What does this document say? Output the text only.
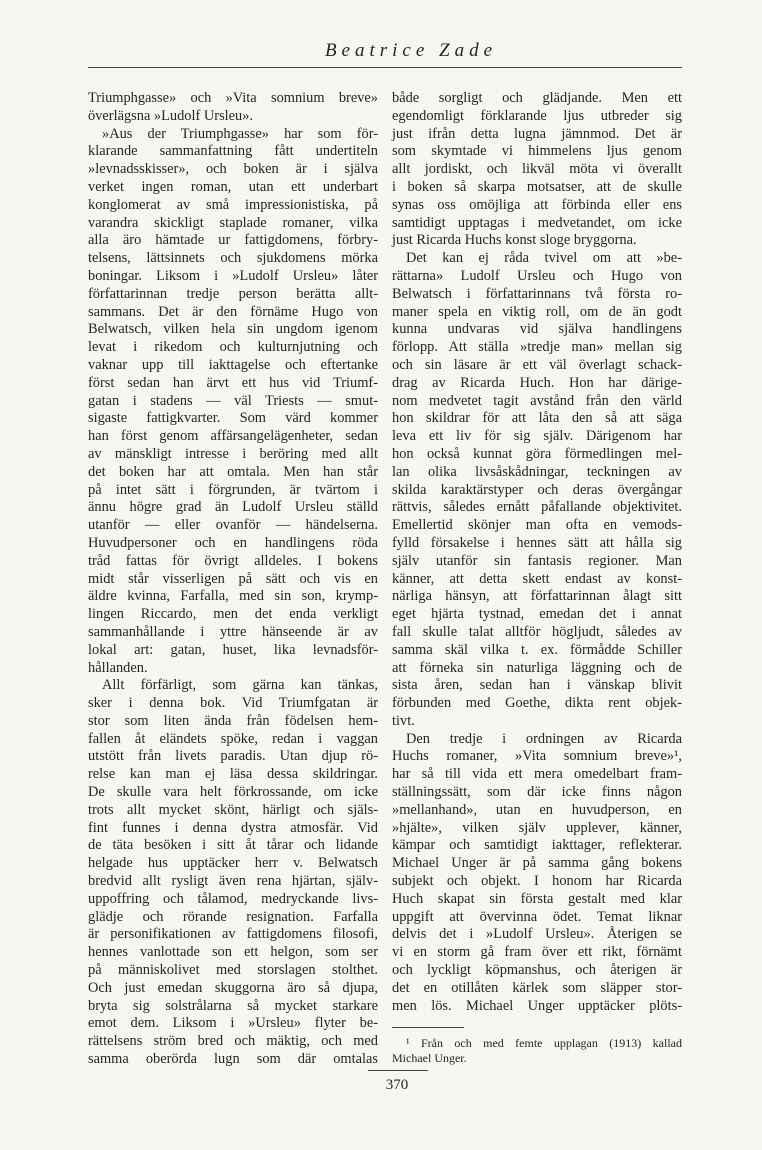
Beatrice Zade
Triumphgasse» och »Vita somnium breve»
överlägsna »Ludolf Ursleu».
»Aus der Triumphgasse» har som för-
klarande sammanfattning fått undertiteln
»levnadsskisser», och boken är i själva
verket ingen roman, utan ett underbart
konglomerat av små impressionistiska, på
varandra skickligt staplade romaner, vilka
alla äro hämtade ur fattigdomens, förbry-
telsens, lättsinnets och sjukdomens mörka
boningar. Liksom i »Ludolf Ursleu» låter
författarinnan tredje person berätta allt-
sammans. Det är den förnäme Hugo von
Belwatsch, vilken hela sin ungdom igenom
levat i rikedom och kulturnjutning och
vaknar upp till iakttagelse och eftertanke
först sedan han ärvt ett hus vid Triumf-
gatan i stadens — väl Triests — smut-
sigaste fattigkvarter. Som värd kommer
han först genom affärsangelägenheter, sedan
av mänskligt intresse i beröring med allt
det boken har att omtala. Men han står
på intet sätt i förgrunden, är tvärtom i
ännu högre grad än Ludolf Ursleu ställd
utanför — eller ovanför — händelserna.
Huvudpersoner och en handlingens röda
tråd fattas för övrigt alldeles. I bokens
midt står visserligen på sätt och vis en
äldre kvinna, Farfalla, med sin son, krymp-
lingen Riccardo, men det enda verkligt
sammanhållande i yttre hänseende är av
lokal art: gatan, huset, lika levnadsför-
hållanden.
Allt förfärligt, som gärna kan tänkas,
sker i denna bok. Vid Triumfgatan är
stor som liten ända från födelsen hem-
fallen åt eländets spöke, redan i vaggan
utstött från livets paradis. Utan djup rö-
relse kan man ej läsa dessa skildringar.
De skulle vara helt förkrossande, om icke
trots allt mycket skönt, härligt och själs-
fint funnes i denna dystra atmosfär. Vid
de täta besöken i sitt åt tårar och lidande
helgade hus upptäcker herr v. Belwatsch
bredvid allt rysligt även rena hjärtan, själv-
uppoffring och tålamod, medryckande livs-
glädje och rörande resignation. Farfalla
är personifikationen av fattigdomens filosofi,
hennes vanlottade son ett helgon, som ser
på människolivet med storslagen stolthet.
Och just emedan skuggorna äro så djupa,
bryta sig solstrålarna så mycket starkare
emot dem. Liksom i »Ursleu» flyter be-
rättelsens ström bred och mäktig, och med
samma oberörda lugn som där omtalas
både sorgligt och glädjande. Men ett
egendomligt förklarande ljus utbreder sig
just ifrån detta lugna jämnmod. Det är
som skymtade vi himmelens ljus genom
allt jordiskt, och likväl möta vi överallt
i boken så skarpa motsatser, att de skulle
synas oss omöjliga att förbinda eller ens
samtidigt upptagas i medvetandet, om icke
just Ricarda Huchs konst sloge bryggorna.
Det kan ej råda tvivel om att »be-
rättarna» Ludolf Ursleu och Hugo von
Belwatsch i författarinnans två första ro-
maner spela en viktig roll, om de än godt
kunna undvaras vid själva handlingens
förlopp. Att ställa »tredje man» mellan sig
och sin läsare är ett väl överlagt schack-
drag av Ricarda Huch. Hon har därige-
nom medvetet tagit avstånd från den värld
hon skildrar för att låta den så att säga
leva ett liv för sig själv. Därigenom har
hon också kunnat göra förmedlingen mel-
lan olika livsåskådningar, teckningen av
skilda karaktärstyper och deras övergångar
rättvis, således ernått påfallande objektivitet.
Emellertid skönjer man ofta en vemods-
fylld försakelse i hennes sätt att hålla sig
själv utanför sin fantasis regioner. Man
känner, att detta skett endast av konst-
närliga hänsyn, att författarinnan ålagt sitt
eget hjärta tystnad, emedan det i annat
fall skulle talat alltför högljudt, således av
samma skäl vilka t. ex. förmådde Schiller
att förneka sin naturliga läggning och de
sista åren, sedan han i vänskap blivit
förbunden med Goethe, dikta rent objek-
tivt.
Den tredje i ordningen av Ricarda
Huchs romaner, »Vita somnium breve»¹,
har så till vida ett mera omedelbart fram-
ställningssätt, som där icke finns någon
»mellanhand», utan en huvudperson, en
»hjälte», vilken själv upplever, känner,
kämpar och samtidigt iakttager, reflekterar.
Michael Unger är på samma gång bokens
subjekt och objekt. I honom har Ricarda
Huch skapat sin första gestalt med klar
uppgift att övervinna ödet. Temat liknar
delvis det i »Ludolf Ursleu». Återigen se
vi en storm gå fram över ett rikt, förnämt
och lyckligt köpmanshus, och återigen är
det en otillåten kärlek som släpper stor-
men lös. Michael Unger upptäcker plöts-
¹ Från och med femte upplagan (1913) kallad
Michael Unger.
370
